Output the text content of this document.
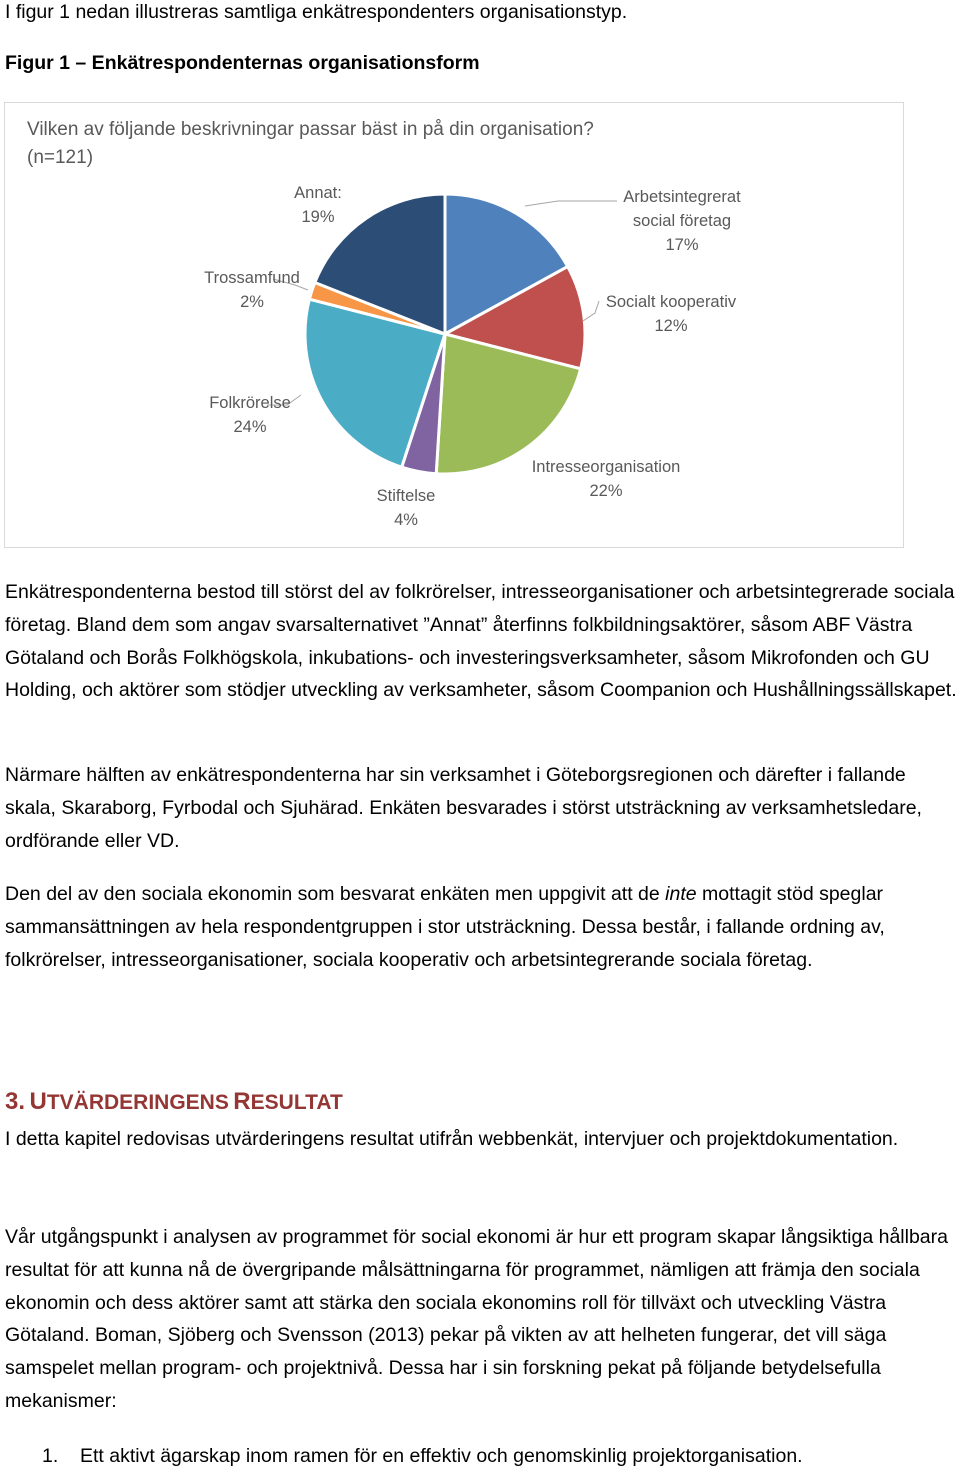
I figur 1 nedan illustreras samtliga enkätrespondenters organisationstyp.
Figur 1 – Enkätrespondenternas organisationsform
Vilken av följande beskrivningar passar bäst in på din organisation?
(n=121)
Arbetsintegrerat
social företag
17%
Socialt kooperativ
12%
Intresseorganisation
22%
Stiftelse
4%
Folkrörelse
24%
Trossamfund
2%
Annat:
19%

Enkätrespondenterna bestod till störst del av folkrörelser, intresseorganisationer och arbetsintegrerade sociala företag. Bland dem som angav svarsalternativet ”Annat” återfinns folkbildningsaktörer, såsom ABF Västra Götaland och Borås Folkhögskola, inkubations- och investeringsverksamheter, såsom Mikrofonden och GU Holding, och aktörer som stödjer utveckling av verksamheter, såsom Coompanion och Hushållningssällskapet.

Närmare hälften av enkätrespondenterna har sin verksamhet i Göteborgsregionen och därefter i fallande skala, Skaraborg, Fyrbodal och Sjuhärad. Enkäten besvarades i störst utsträckning av verksamhetsledare, ordförande eller VD.

Den del av den sociala ekonomin som besvarat enkäten men uppgivit att de inte mottagit stöd speglar sammansättningen av hela respondentgruppen i stor utsträckning. Dessa består, i fallande ordning av, folkrörelser, intresseorganisationer, sociala kooperativ och arbetsintegrerande sociala företag.

3. UTVÄRDERINGENS RESULTAT

I detta kapitel redovisas utvärderingens resultat utifrån webbenkät, intervjuer och projektdokumentation.

Vår utgångspunkt i analysen av programmet för social ekonomi är hur ett program skapar långsiktiga hållbara resultat för att kunna nå de övergripande målsättningarna för programmet, nämligen att främja den sociala ekonomin och dess aktörer samt att stärka den sociala ekonomins roll för tillväxt och utveckling Västra Götaland. Boman, Sjöberg och Svensson (2013) pekar på vikten av att helheten fungerar, det vill säga samspelet mellan program- och projektnivå. Dessa har i sin forskning pekat på följande betydelsefulla mekanismer:

1. Ett aktivt ägarskap inom ramen för en effektiv och genomskinlig projektorganisation.
